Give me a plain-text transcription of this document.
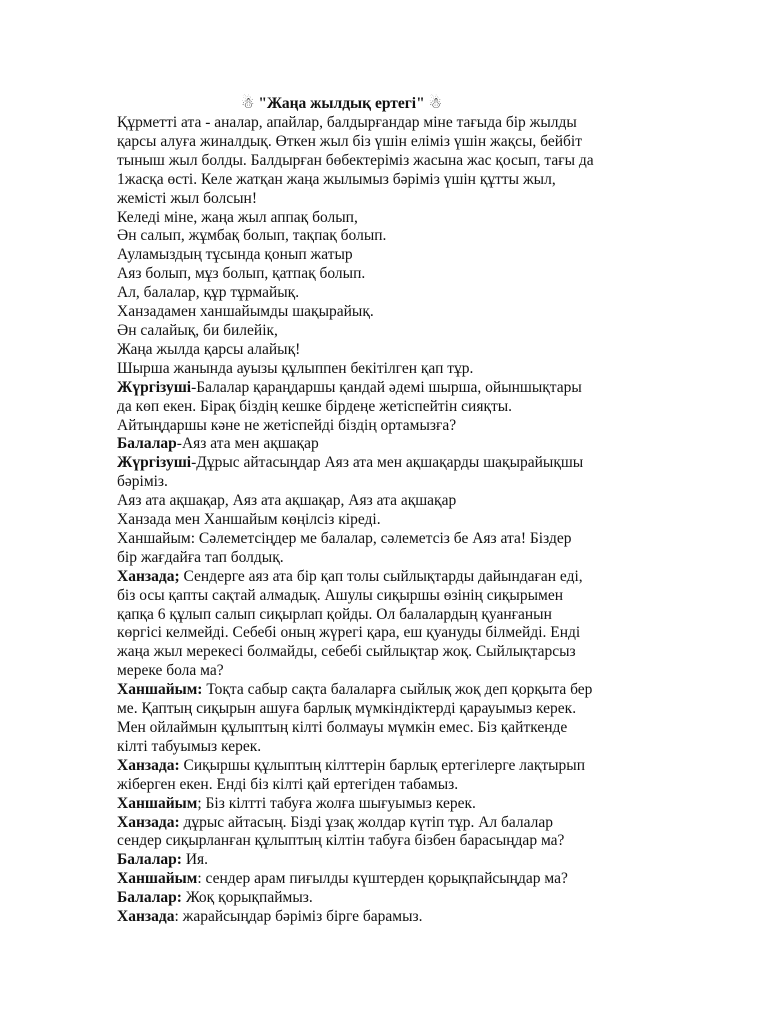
☃ "Жаңа жылдық ертегі" ☃
Құрметті ата - аналар, апайлар, балдырғандар міне тағыда бір жылды
қарсы алуға жиналдық. Өткен жыл біз үшін еліміз үшін жақсы, бейбіт
тыныш жыл болды. Балдырған бөбектеріміз жасына жас қосып, тағы да
1жасқа өсті. Келе жатқан жаңа жылымыз бәріміз үшін құтты жыл,
жемісті жыл болсын!
Келеді міне, жаңа жыл аппақ болып,
Ән салып, жұмбақ болып, тақпақ болып.
Ауламыздың тұсында қонып жатыр
Аяз болып, мұз болып, қатпақ болып.
Ал, балалар, құр тұрмайық.
Ханзадамен ханшайымды шақырайық.
Ән салайық, би билейік,
Жаңа жылда қарсы алайық!
Шырша жанында ауызы құлыппен бекітілген қап тұр.
Жүргізуші-Балалар қараңдаршы қандай әдемі шырша, ойыншықтары
да көп екен. Бірақ біздің кешке бірдеңе жетіспейтін сияқты.
Айтыңдаршы кәне не жетіспейді біздің ортамызға?
Балалар-Аяз ата мен ақшақар
Жүргізуші-Дұрыс айтасыңдар Аяз ата мен ақшақарды шақырайықшы
бәріміз.
Аяз ата ақшақар, Аяз ата ақшақар, Аяз ата ақшақар
Ханзада мен Ханшайым көңілсіз кіреді.
Ханшайым: Сәлеметсіңдер ме балалар, сәлеметсіз бе Аяз ата! Біздер
бір жағдайға тап болдық.
Ханзада; Сендерге аяз ата бір қап толы сыйлықтарды дайындаған еді,
біз осы қапты сақтай алмадық. Ашулы сиқыршы өзінің сиқырымен
қапқа 6 құлып салып сиқырлап қойды. Ол балалардың қуанғанын
көргісі келмейді. Себебі оның жүрегі қара, еш қуануды білмейді. Енді
жаңа жыл мерекесі болмайды, себебі сыйлықтар жоқ. Сыйлықтарсыз
мереке бола ма?
Ханшайым: Тоқта сабыр сақта балаларға сыйлық жоқ деп қорқыта бер
ме. Қаптың сиқырын ашуға барлық мүмкіндіктерді қарауымыз керек.
Мен ойлаймын құлыптың кілті болмауы мүмкін емес. Біз қайткенде
кілті табуымыз керек.
Ханзада: Сиқыршы құлыптың кілттерін барлық ертегілерге лақтырып
жіберген екен. Енді біз кілті қай ертегіден табамыз.
Ханшайым; Біз кілтті табуға жолға шығуымыз керек.
Ханзада: дұрыс айтасың. Бізді ұзақ жолдар күтіп тұр. Ал балалар
сендер сиқырланған құлыптың кілтін табуға бізбен барасыңдар ма?
Балалар: Ия.
Ханшайым: сендер арам пиғылды күштерден қорықпайсыңдар ма?
Балалар: Жоқ қорықпаймыз.
Ханзада: жарайсыңдар бәріміз бірге барамыз.
